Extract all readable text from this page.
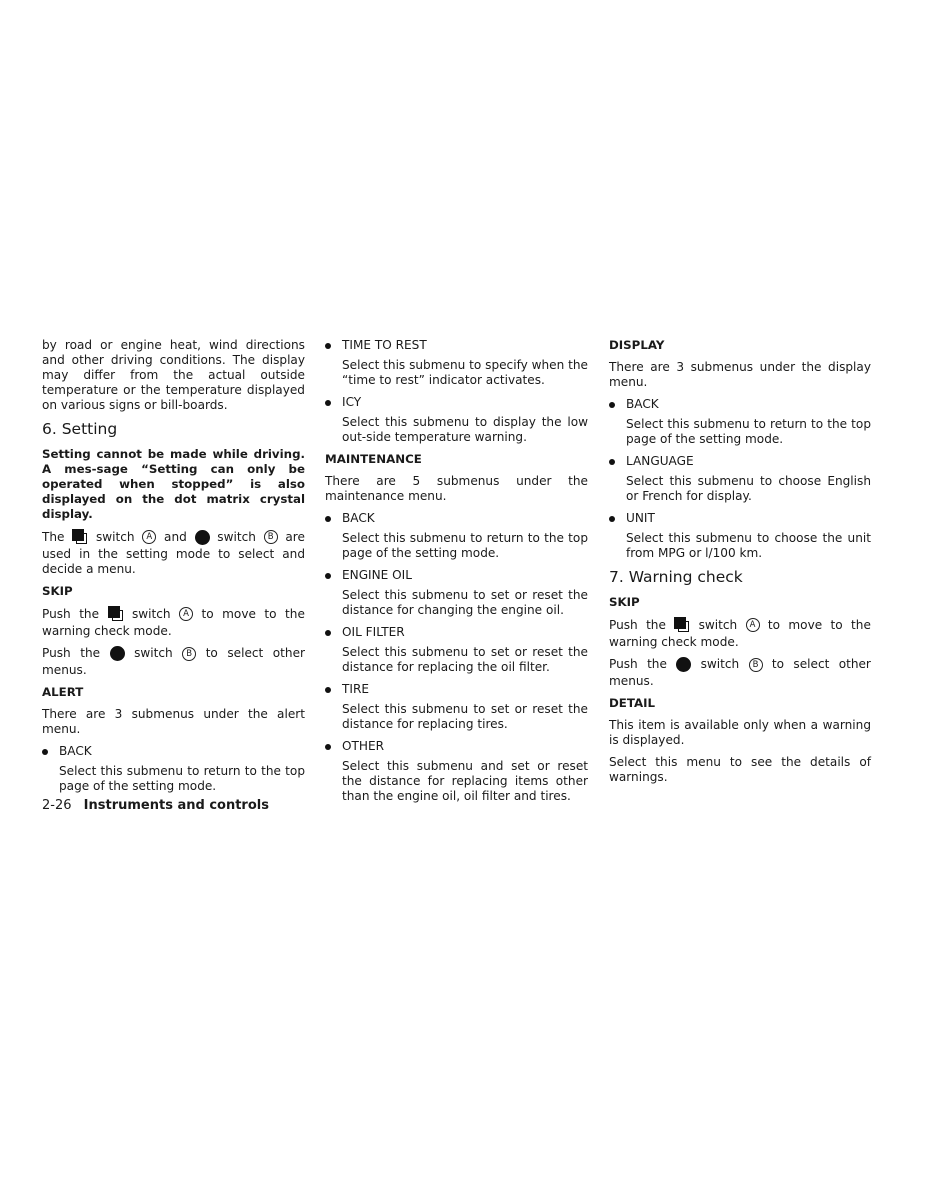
by road or engine heat, wind directions and other driving conditions. The display may differ from the actual outside temperature or the temperature displayed on various signs or bill-boards.

6. Setting

Setting cannot be made while driving. A mes-sage “Setting can only be operated when stopped” is also displayed on the dot matrix crystal display.

The	switch	A and	switch	B are

used in the setting mode to select and decide a menu.

SKIP
Push the	switch	A	to move to the

warning check mode.

Push the	switch	B	to select other

menus.

ALERT

There are 3 submenus under the alert menu.

BACK

Select this submenu to return to the top page of the setting mode.

TIME TO REST

Select this submenu to specify when the “time to rest” indicator activates.

ICY

Select this submenu to display the low out-side temperature warning.

MAINTENANCE

There are 5 submenus under the maintenance menu.

BACK

Select this submenu to return to the top page of the setting mode.

ENGINE OIL

Select this submenu to set or reset the distance for changing the engine oil.

OIL FILTER

Select this submenu to set or reset the distance for replacing the oil filter.

TIRE

Select this submenu to set or reset the distance for replacing tires.

OTHER

Select this submenu and set or reset the distance for replacing items other than the engine oil, oil filter and tires.

DISPLAY

There are 3 submenus under the display menu.

BACK

Select this submenu to return to the top page of the setting mode.

LANGUAGE

Select this submenu to choose English or French for display.

UNIT

Select this submenu to choose the unit from MPG or l/100 km.

7. Warning check
SKIP
Push the	switch	A	to move to the

warning check mode.

Push the	switch	B	to select other

menus.

DETAIL

This item is available only when a warning is displayed.

Select this menu to see the details of warnings.

2-26 Instruments and controls
